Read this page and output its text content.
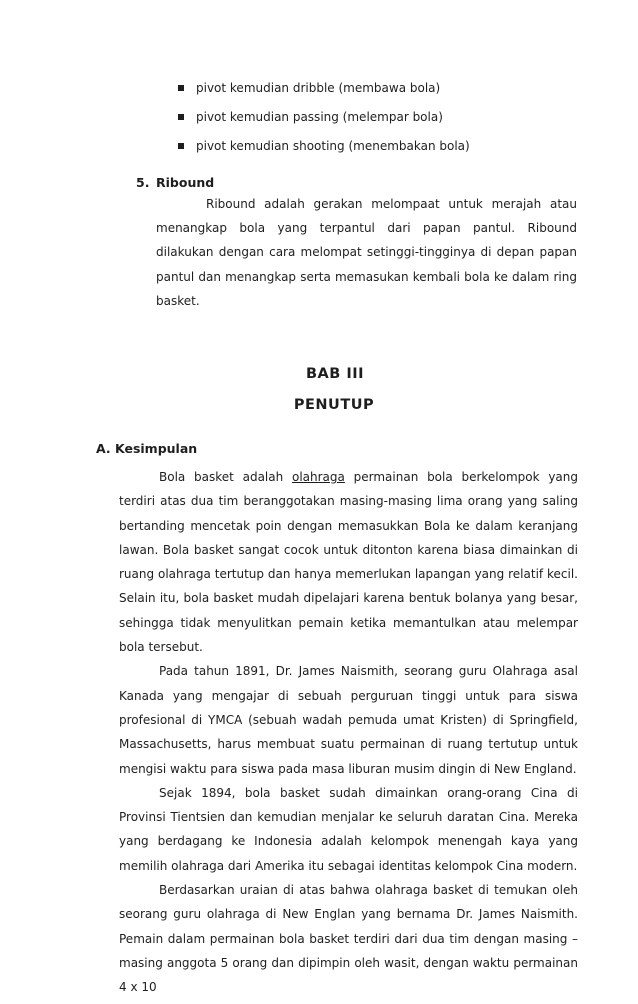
pivot kemudian dribble (membawa bola)
pivot kemudian passing (melempar bola)
pivot kemudian shooting (menembakan bola)
5. Ribound
Ribound adalah gerakan melompaat untuk merajah atau menangkap bola yang terpantul dari papan pantul. Ribound dilakukan dengan cara melompat setinggi-tingginya di depan papan pantul dan menangkap serta memasukan kembali bola ke dalam ring basket.
BAB III
PENUTUP
A. Kesimpulan

Bola basket adalah olahraga permainan bola berkelompok yang terdiri atas dua tim beranggotakan masing-masing lima orang yang saling bertanding mencetak poin dengan memasukkan Bola ke dalam keranjang lawan. Bola basket sangat cocok untuk ditonton karena biasa dimainkan di ruang olahraga tertutup dan hanya memerlukan lapangan yang relatif kecil. Selain itu, bola basket mudah dipelajari karena bentuk bolanya yang besar, sehingga tidak menyulitkan pemain ketika memantulkan atau melempar bola tersebut.

Pada tahun 1891, Dr. James Naismith, seorang guru Olahraga asal Kanada yang mengajar di sebuah perguruan tinggi untuk para siswa profesional di YMCA (sebuah wadah pemuda umat Kristen) di Springfield, Massachusetts, harus membuat suatu permainan di ruang tertutup untuk mengisi waktu para siswa pada masa liburan musim dingin di New England.

Sejak 1894, bola basket sudah dimainkan orang-orang Cina di Provinsi Tientsien dan kemudian menjalar ke seluruh daratan Cina. Mereka yang berdagang ke Indonesia adalah kelompok menengah kaya yang memilih olahraga dari Amerika itu sebagai identitas kelompok Cina modern.

Berdasarkan uraian di atas bahwa olahraga basket di temukan oleh seorang guru olahraga di New Englan yang bernama Dr. James Naismith. Pemain dalam permainan bola basket terdiri dari dua tim dengan masing – masing anggota 5 orang dan dipimpin oleh wasit, dengan waktu permainan 4 x 10
